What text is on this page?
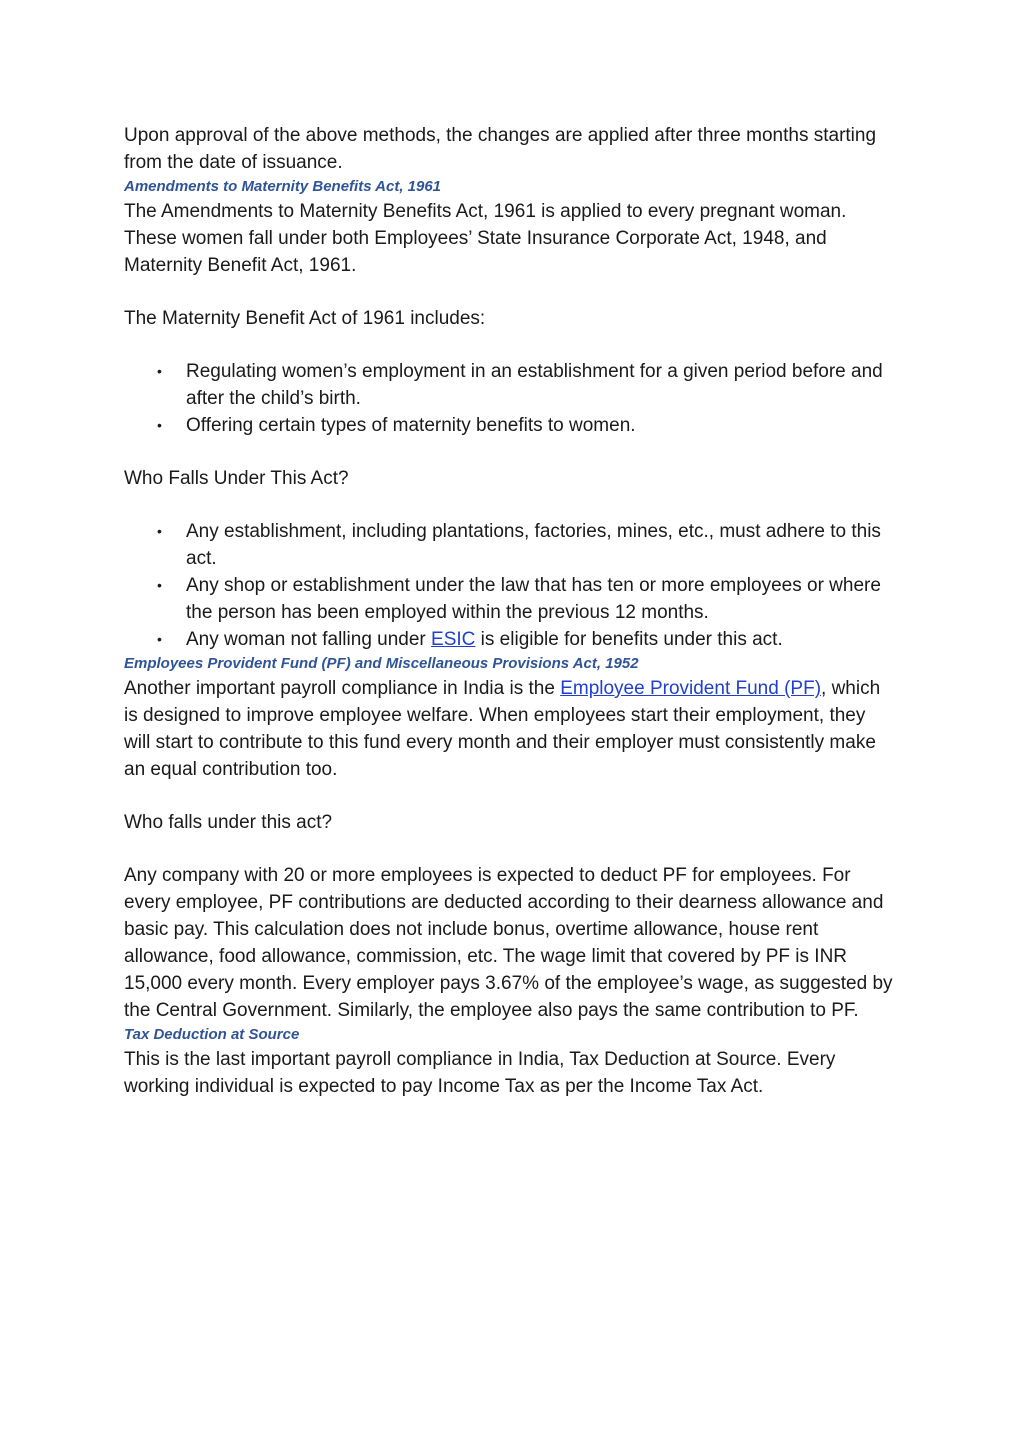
Upon approval of the above methods, the changes are applied after three months starting from the date of issuance.

Amendments to Maternity Benefits Act, 1961

The Amendments to Maternity Benefits Act, 1961 is applied to every pregnant woman. These women fall under both Employees’ State Insurance Corporate Act, 1948, and Maternity Benefit Act, 1961.

The Maternity Benefit Act of 1961 includes:

• Regulating women’s employment in an establishment for a given period before and after the child’s birth.
• Offering certain types of maternity benefits to women.

Who Falls Under This Act?

• Any establishment, including plantations, factories, mines, etc., must adhere to this act.
• Any shop or establishment under the law that has ten or more employees or where the person has been employed within the previous 12 months.
• Any woman not falling under ESIC is eligible for benefits under this act.
Employees Provident Fund (PF) and Miscellaneous Provisions Act, 1952

Another important payroll compliance in India is the Employee Provident Fund (PF), which is designed to improve employee welfare. When employees start their employment, they will start to contribute to this fund every month and their employer must consistently make an equal contribution too.

Who falls under this act?

Any company with 20 or more employees is expected to deduct PF for employees. For every employee, PF contributions are deducted according to their dearness allowance and basic pay. This calculation does not include bonus, overtime allowance, house rent allowance, food allowance, commission, etc. The wage limit that covered by PF is INR 15,000 every month. Every employer pays 3.67% of the employee’s wage, as suggested by the Central Government. Similarly, the employee also pays the same contribution to PF.

Tax Deduction at Source

This is the last important payroll compliance in India, Tax Deduction at Source. Every working individual is expected to pay Income Tax as per the Income Tax Act.
